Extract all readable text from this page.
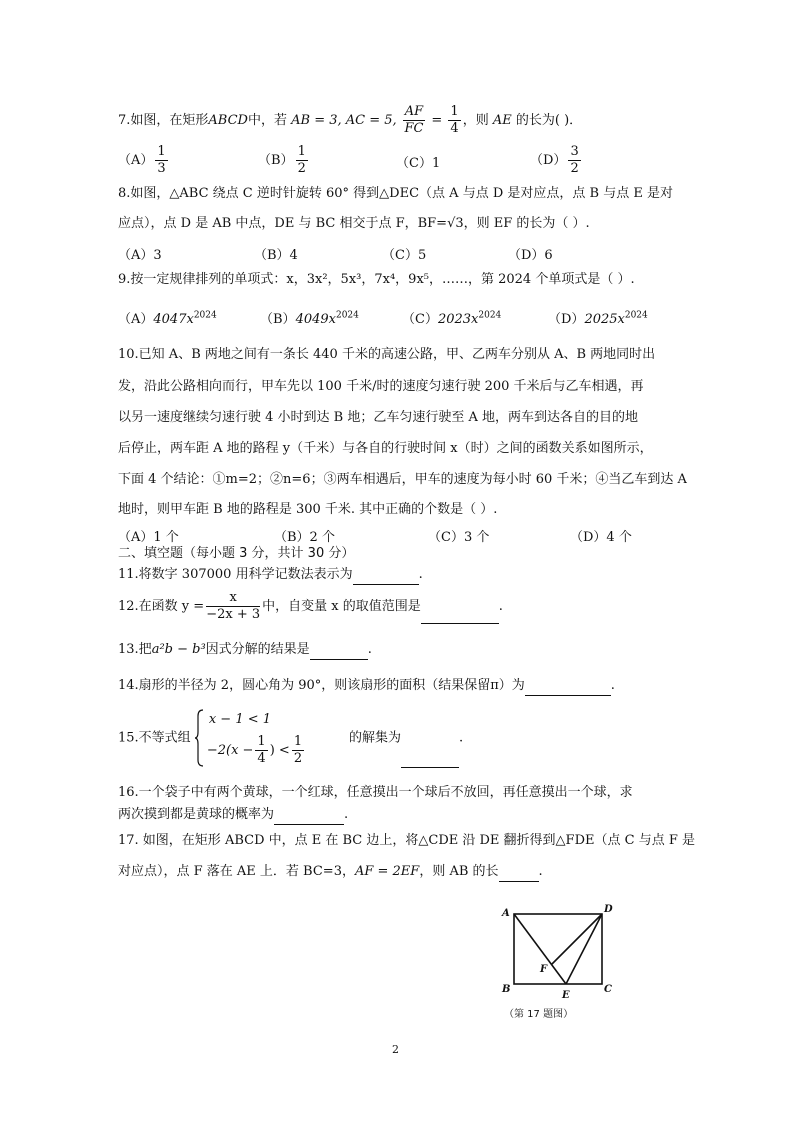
7.如图，在矩形ABCD中，若 AB = 3, AC = 5, $\frac{AF}{FC} = \frac{1}{4}$ ，则 AE 的长为( )．
$(A) \frac{1}{3}$	$(B) \frac{1}{2}$	（C）1	$(D) \frac{3}{2}$
8.如图，△ABC 绕点 C 逆时针旋转 60° 得到△DEC（点 A 与点 D 是对应点，点 B 与点 E 是对
应点），点 D 是 AB 中点，DE 与 BC 相交于点 F，BF=√3，则 EF 的长为（ ）.
（A）3	（B）4	（C）5	（D）6
9.按一定规律排列的单项式：x，3x²，5x³，7x⁴，9x⁵，……，第 2024 个单项式是（ ）.
$(A)4047x^{2024}$	$(B)4049x^{2024}$	$(C)2023x^{2024}$	$(D)2025x^{2024}$
10.已知 A、B 两地之间有一条长 440 千米的高速公路，甲、乙两车分别从 A、B 两地同时出
发，沿此公路相向而行，甲车先以 100 千米/时的速度匀速行驶 200 千米后与乙车相遇，再
以另一速度继续匀速行驶 4 小时到达 B 地；乙车匀速行驶至 A 地，两车到达各自的目的地
后停止，两车距 A 地的路程 y（千米）与各自的行驶时间 x（时）之间的函数关系如图所示，
下面 4 个结论：①m=2；②n=6；③两车相遇后，甲车的速度为每小时 60 千米；④当乙车到达 A
地时，则甲车距 B 地的路程是 300 千米. 其中正确的个数是（ ）.
（A）1 个	（B）2 个	（C）3 个	（D）4 个
二、填空题（每小题 3 分，共计 30 分）
11.将数字 307000 用科学记数法表示为	.
12.在函数 $y = \frac{x}{-2x + 3}$ 中，自变量 x 的取值范围是	.
13.把a²b − b³因式分解的结果是	.
14.扇形的半径为 2，圆心角为 90°，则该扇形的面积（结果保留π）为	.
15.不等式组
x − 1 < 1
$-2(x - \frac{1}{4}$ ) < $\frac{1}{2}$	的解集为	.
16.一个袋子中有两个黄球，一个红球，任意摸出一个球后不放回，再任意摸出一个球，求
两次摸到都是黄球的概率为	.
17. 如图，在矩形 ABCD 中，点 E 在 BC 边上，将△CDE 沿 DE 翻折得到△FDE（点 C 与点 F 是
对应点），点 F 落在 AE 上．若 BC=3，AF = 2EF，则 AB 的长	.
A	D
B	C
E
F
（第 17 题图）
2
